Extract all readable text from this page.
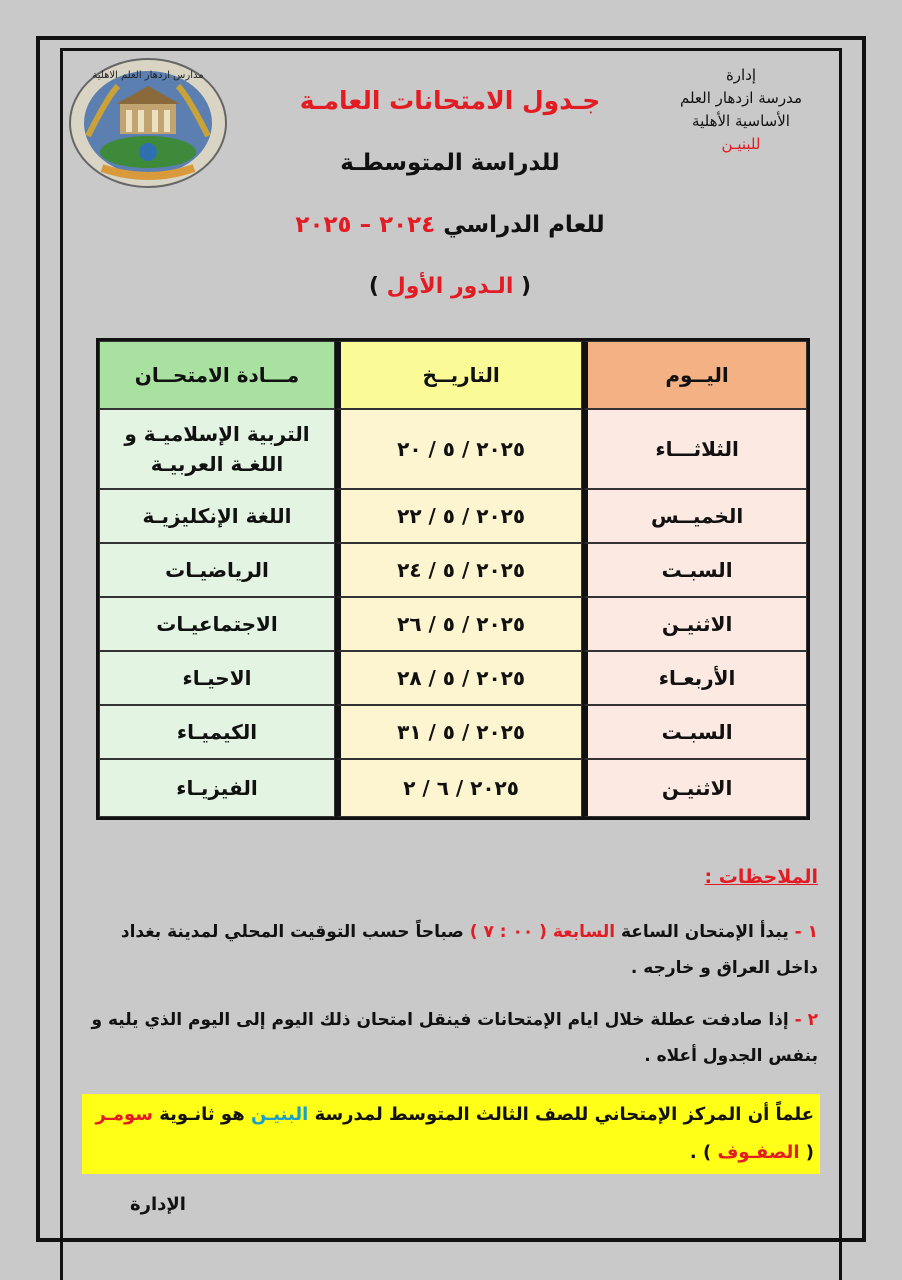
إدارة
مدرسة ازدهار العلم
الأساسية الأهلية
للبنيـن
مدارس ازدهار العلم الاهلية
جـدول الامتحانات العامـة
للدراسة المتوسطـة
للعام الدراسي ٢٠٢٤ – ٢٠٢٥
( الـدور الأول )
اليــوم	التاريــخ	مـــادة الامتحــان
الثلاثـــاء	٢٠٢٥ / ٥ / ٢٠	التربية الإسلاميـة و اللغـة العربيـة
الخميــس	٢٠٢٥ / ٥ / ٢٢	اللغة الإنكليزيـة
السبـت	٢٠٢٥ / ٥ / ٢٤	الرياضيـات
الاثنيـن	٢٠٢٥ / ٥ / ٢٦	الاجتماعيـات
الأربعـاء	٢٠٢٥ / ٥ / ٢٨	الاحيـاء
السبـت	٢٠٢٥ / ٥ / ٣١	الكيميـاء
الاثنيـن	٢٠٢٥ / ٦ / ٢	الفيزيـاء
الملاحظات :
١ - يبدأ الإمتحان الساعة السابعة ( ٠٠ : ٧ ) صباحاً حسب التوقيت المحلي لمدينة بغداد داخل العراق و خارجه .
٢ - إذا صادفت عطلة خلال ايام الإمتحانات فينقل امتحان ذلك اليوم إلى اليوم الذي يليه و بنفس الجدول أعلاه .
علماً أن المركز الإمتحاني للصف الثالث المتوسط لمدرسة البنيـن هو ثانـوية سومـر ( الصفـوف ) .
الإدارة
